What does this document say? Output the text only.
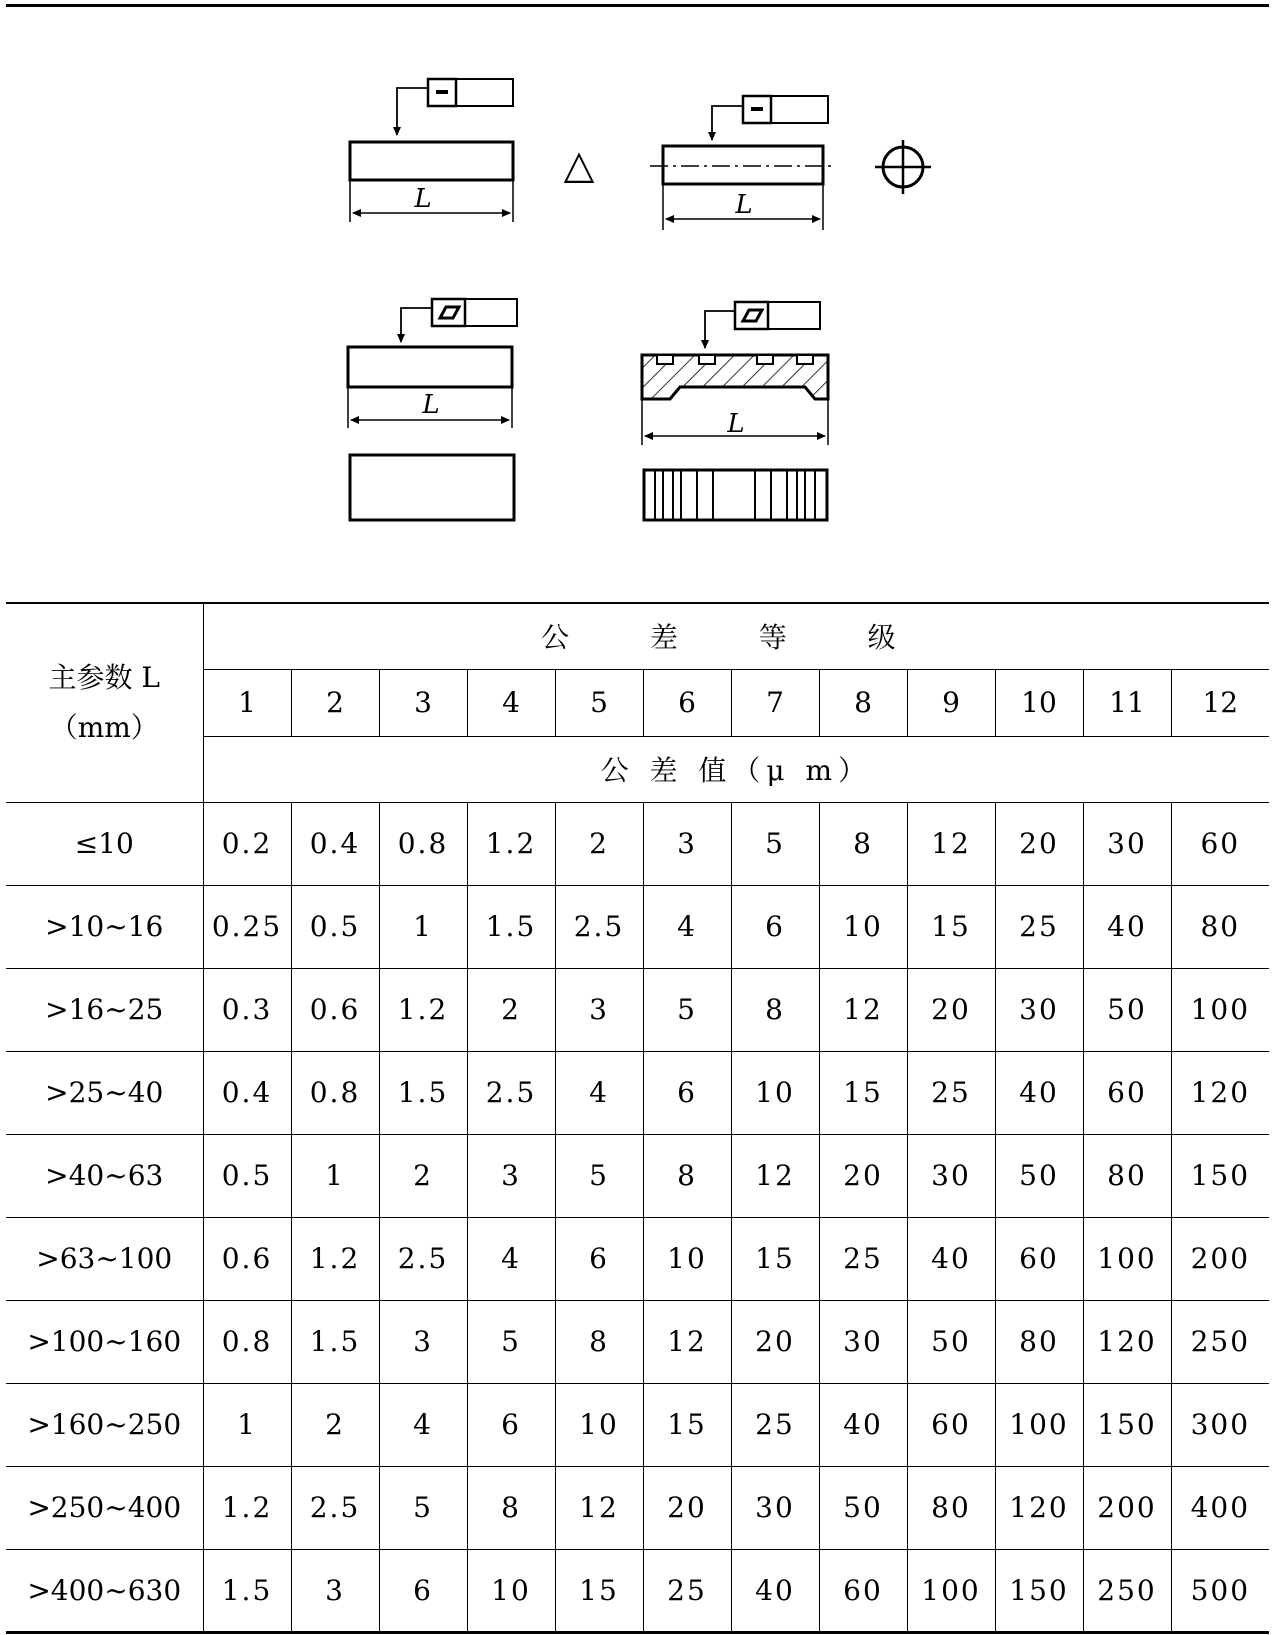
L
△
L
L
L
主参数 L
（mm）	公 差 等 级											
	1	2	3	4	5	6	7	8	9	10	11	12
	公 差 值（μ m）											
≤10	0.2	0.4	0.8	1.2	2	3	5	8	12	20	30	60
>10~16	0.25	0.5	1	1.5	2.5	4	6	10	15	25	40	80
>16~25	0.3	0.6	1.2	2	3	5	8	12	20	30	50	100
>25~40	0.4	0.8	1.5	2.5	4	6	10	15	25	40	60	120
>40~63	0.5	1	2	3	5	8	12	20	30	50	80	150
>63~100	0.6	1.2	2.5	4	6	10	15	25	40	60	100	200
>100~160	0.8	1.5	3	5	8	12	20	30	50	80	120	250
>160~250	1	2	4	6	10	15	25	40	60	100	150	300
>250~400	1.2	2.5	5	8	12	20	30	50	80	120	200	400
>400~630	1.5	3	6	10	15	25	40	60	100	150	250	500
